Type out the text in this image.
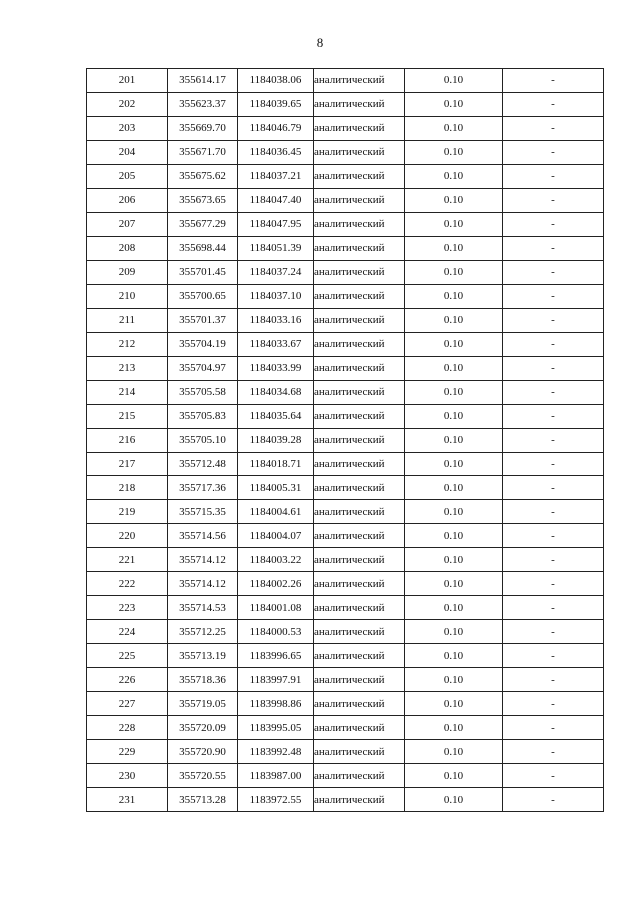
8
201	355614.17	1184038.06	аналитический	0.10	-
202	355623.37	1184039.65	аналитический	0.10	-
203	355669.70	1184046.79	аналитический	0.10	-
204	355671.70	1184036.45	аналитический	0.10	-
205	355675.62	1184037.21	аналитический	0.10	-
206	355673.65	1184047.40	аналитический	0.10	-
207	355677.29	1184047.95	аналитический	0.10	-
208	355698.44	1184051.39	аналитический	0.10	-
209	355701.45	1184037.24	аналитический	0.10	-
210	355700.65	1184037.10	аналитический	0.10	-
211	355701.37	1184033.16	аналитический	0.10	-
212	355704.19	1184033.67	аналитический	0.10	-
213	355704.97	1184033.99	аналитический	0.10	-
214	355705.58	1184034.68	аналитический	0.10	-
215	355705.83	1184035.64	аналитический	0.10	-
216	355705.10	1184039.28	аналитический	0.10	-
217	355712.48	1184018.71	аналитический	0.10	-
218	355717.36	1184005.31	аналитический	0.10	-
219	355715.35	1184004.61	аналитический	0.10	-
220	355714.56	1184004.07	аналитический	0.10	-
221	355714.12	1184003.22	аналитический	0.10	-
222	355714.12	1184002.26	аналитический	0.10	-
223	355714.53	1184001.08	аналитический	0.10	-
224	355712.25	1184000.53	аналитический	0.10	-
225	355713.19	1183996.65	аналитический	0.10	-
226	355718.36	1183997.91	аналитический	0.10	-
227	355719.05	1183998.86	аналитический	0.10	-
228	355720.09	1183995.05	аналитический	0.10	-
229	355720.90	1183992.48	аналитический	0.10	-
230	355720.55	1183987.00	аналитический	0.10	-
231	355713.28	1183972.55	аналитический	0.10	-
